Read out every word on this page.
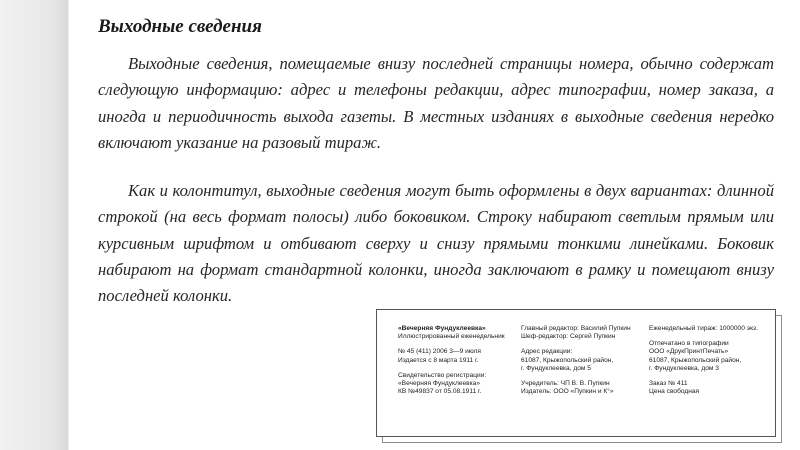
Выходные сведения

Выходные сведения, помещаемые внизу последней страницы номера, обычно содержат следующую информацию: адрес и телефоны редакции, адрес типографии, номер заказа, а иногда и периодичность выхода газеты. В местных изданиях в выходные сведения нередко включают указание на разовый тираж.

Как и колонтитул, выходные сведения могут быть оформлены в двух вариантах: длинной строкой (на весь формат полосы) либо боковиком. Строку набирают светлым прямым или курсивным шрифтом и отбивают сверху и снизу прямыми тонкими линейками. Боковик набирают на формат стандартной колонки, иногда заключают в рамку и помещают внизу последней колонки.

«Вечерняя Фундуклеевка»
Иллюстрированный еженедельник
№ 45 (411) 2006 3—9 июля
Издается с 8 марта 1911 г.
Свидетельство регистрации:
«Вечерняя Фундуклеевка»
КВ №49837 от 05.08.1911 г.
Главный редактор: Василий Пупкин
Шеф-редактор: Сергей Пупкин
Адрес редакции:
61087, Крыжопольский район,
г. Фундуклеевка, дом 5
Учредитель: ЧП В. В. Пупкин
Издатель: ООО «Пупкин и К°»
Еженедельный тираж: 1000000 экз.
Отпечатано в типографии
ООО «ДрукПринтПечать»
61087, Крыжопольский район,
г. Фундуклеевка, дом 3
Заказ № 411
Цена свободная
